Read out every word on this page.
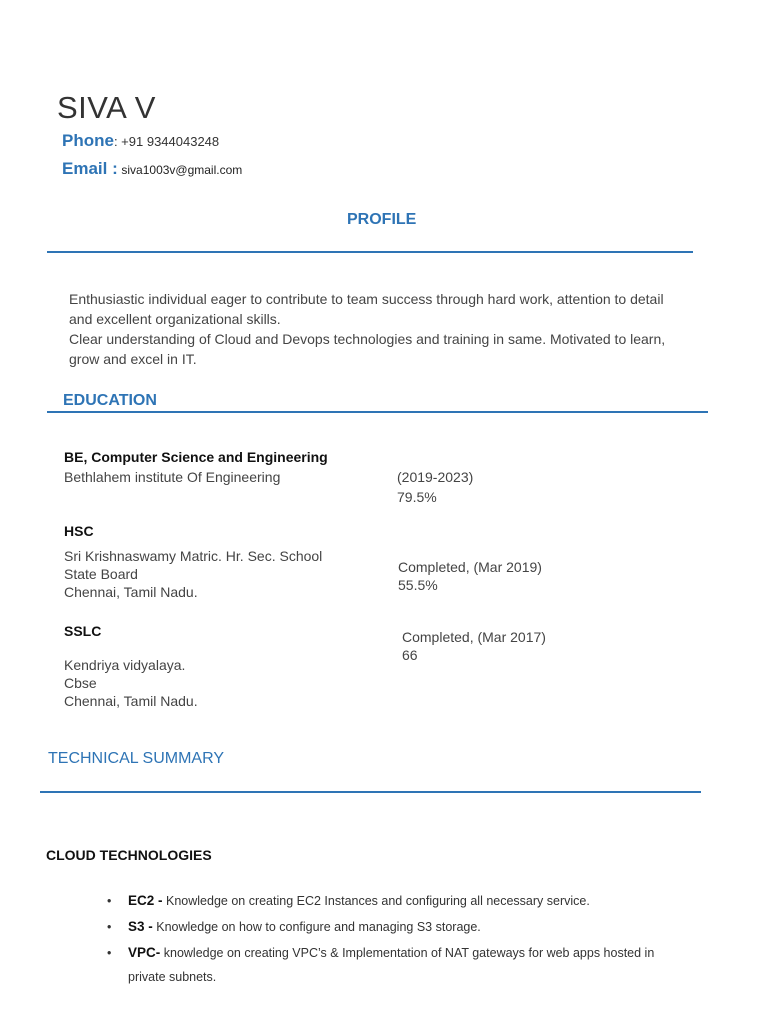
SIVA V
Phone: +91 9344043248
Email : siva1003v@gmail.com
PROFILE
Enthusiastic individual eager to contribute to team success through hard work, attention to detail
and excellent organizational skills.
Clear understanding of Cloud and Devops technologies and training in same. Motivated to learn,
grow and excel in IT.
EDUCATION
BE, Computer Science and Engineering
Bethlahem institute Of Engineering	(2019-2023)
79.5%
HSC
Sri Krishnaswamy Matric. Hr. Sec. School
State Board
Chennai, Tamil Nadu.
Completed, (Mar 2019)
55.5%
SSLC
Kendriya vidyalaya.
Cbse
Chennai, Tamil Nadu.
Completed, (Mar 2017)
66
TECHNICAL SUMMARY
CLOUD TECHNOLOGIES
• EC2 - Knowledge on creating EC2 Instances and configuring all necessary service.
• S3 - Knowledge on how to configure and managing S3 storage.
• VPC- knowledge on creating VPC’s & Implementation of NAT gateways for web apps hosted in
private subnets.
